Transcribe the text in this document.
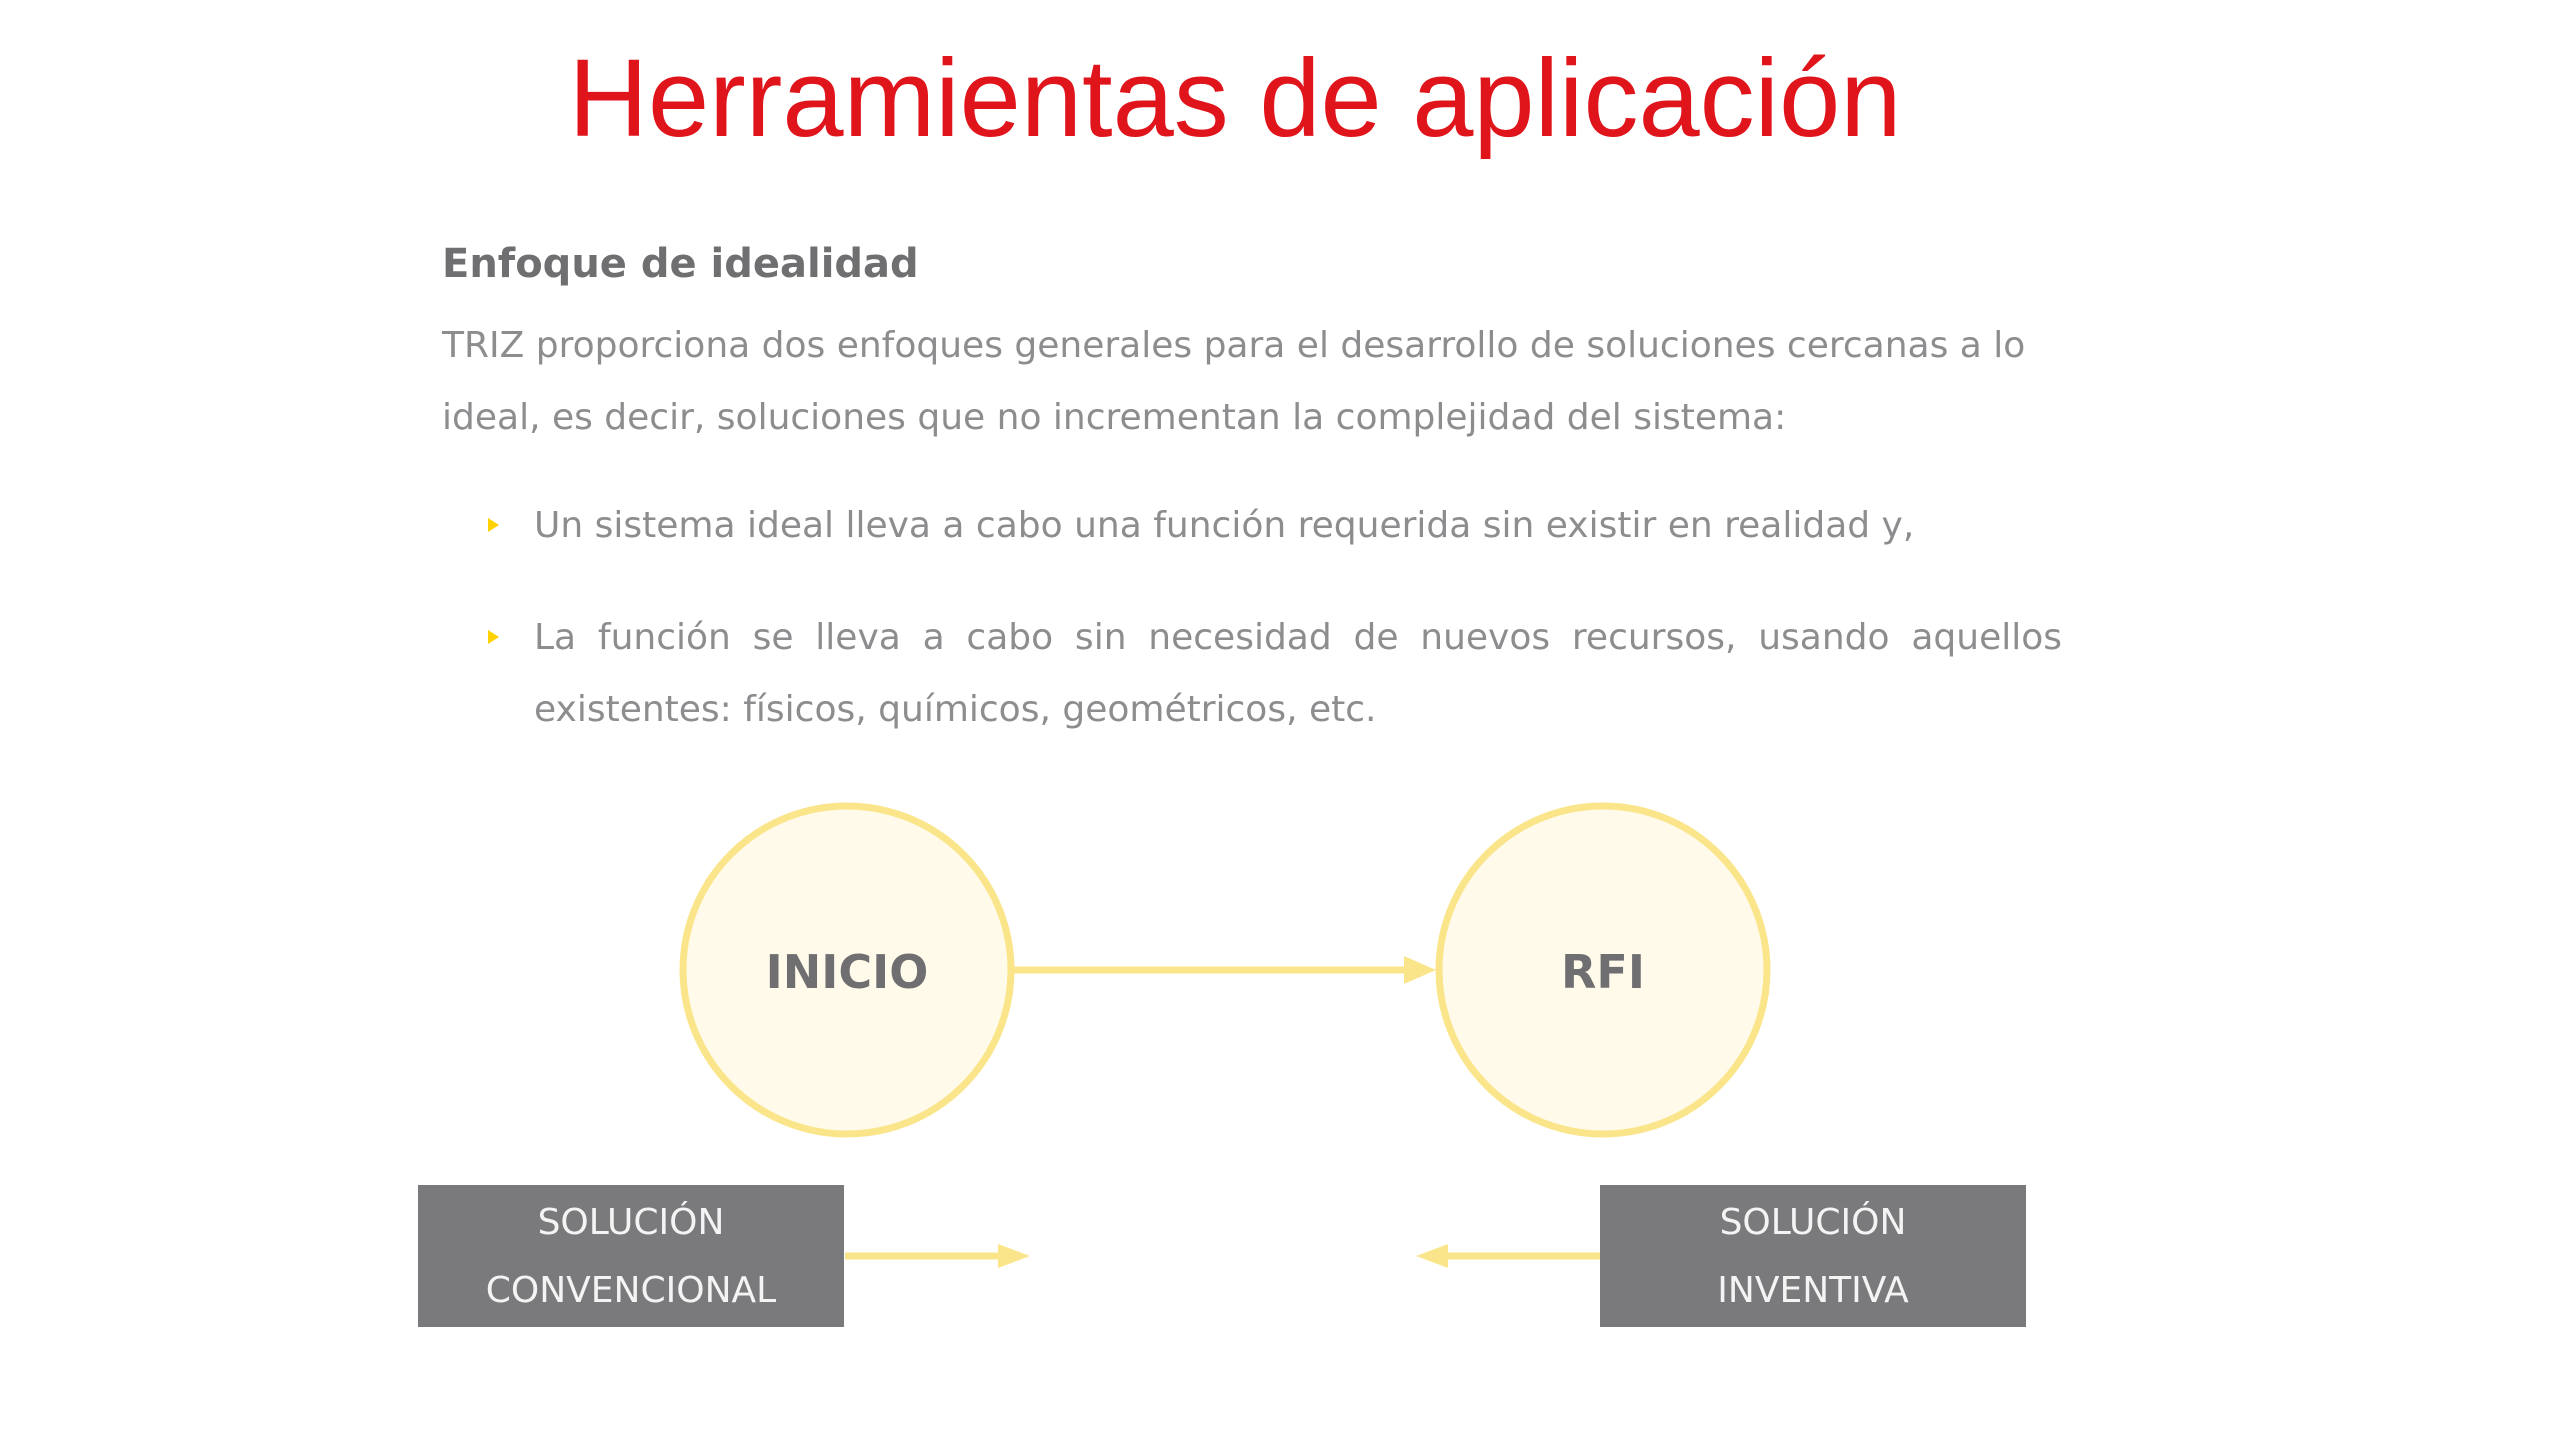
Herramientas de aplicación
Enfoque de idealidad

TRIZ proporciona dos enfoques generales para el desarrollo de soluciones cercanas a lo ideal, es decir, soluciones que no incrementan la complejidad del sistema:

Un sistema ideal lleva a cabo una función requerida sin existir en realidad y,
La función se lleva a cabo sin necesidad de nuevos recursos, usando aquellos existentes: físicos, químicos, geométricos, etc.
INICIO	RFI
SOLUCIÓN
CONVENCIONAL
SOLUCIÓN
INVENTIVA
